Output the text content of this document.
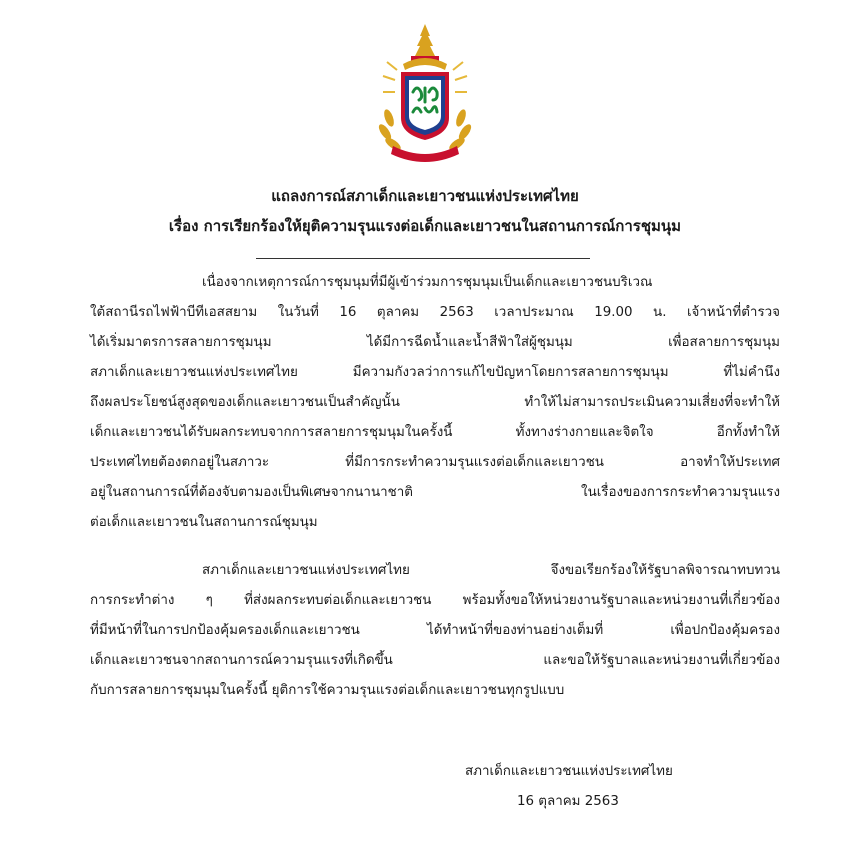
แถลงการณ์สภาเด็กและเยาวชนแห่งประเทศไทย
เรื่อง การเรียกร้องให้ยุติความรุนแรงต่อเด็กและเยาวชนในสถานการณ์การชุมนุม
เนื่องจากเหตุการณ์การชุมนุมที่มีผู้เข้าร่วมการชุมนุมเป็นเด็กและเยาวชนบริเวณ
ใต้สถานีรถไฟฟ้าบีทีเอสสยาม ในวันที่ 16 ตุลาคม 2563 เวลาประมาณ 19.00 น. เจ้าหน้าที่ตำรวจ
ได้เริ่มมาตรการสลายการชุมนุม ได้มีการฉีดน้ำและน้ำสีฟ้าใส่ผู้ชุมนุม เพื่อสลายการชุมนุม
สภาเด็กและเยาวชนแห่งประเทศไทย มีความกังวลว่าการแก้ไขปัญหาโดยการสลายการชุมนุม ที่ไม่คำนึง
ถึงผลประโยชน์สูงสุดของเด็กและเยาวชนเป็นสำคัญนั้น ทำให้ไม่สามารถประเมินความเสี่ยงที่จะทำให้
เด็กและเยาวชนได้รับผลกระทบจากการสลายการชุมนุมในครั้งนี้ ทั้งทางร่างกายและจิตใจ อีกทั้งทำให้
ประเทศไทยต้องตกอยู่ในสภาวะ ที่มีการกระทำความรุนแรงต่อเด็กและเยาวชน อาจทำให้ประเทศ
อยู่ในสถานการณ์ที่ต้องจับตามองเป็นพิเศษจากนานาชาติ ในเรื่องของการกระทำความรุนแรง
ต่อเด็กและเยาวชนในสถานการณ์ชุมนุม
สภาเด็กและเยาวชนแห่งประเทศไทย จึงขอเรียกร้องให้รัฐบาลพิจารณาทบทวน
การกระทำต่าง ๆ ที่ส่งผลกระทบต่อเด็กและเยาวชน พร้อมทั้งขอให้หน่วยงานรัฐบาลและหน่วยงานที่เกี่ยวข้อง
ที่มีหน้าที่ในการปกป้องคุ้มครองเด็กและเยาวชน ได้ทำหน้าที่ของท่านอย่างเต็มที่ เพื่อปกป้องคุ้มครอง
เด็กและเยาวชนจากสถานการณ์ความรุนแรงที่เกิดขึ้น และขอให้รัฐบาลและหน่วยงานที่เกี่ยวข้อง
กับการสลายการชุมนุมในครั้งนี้ ยุติการใช้ความรุนแรงต่อเด็กและเยาวชนทุกรูปแบบ
สภาเด็กและเยาวชนแห่งประเทศไทย
16 ตุลาคม 2563
